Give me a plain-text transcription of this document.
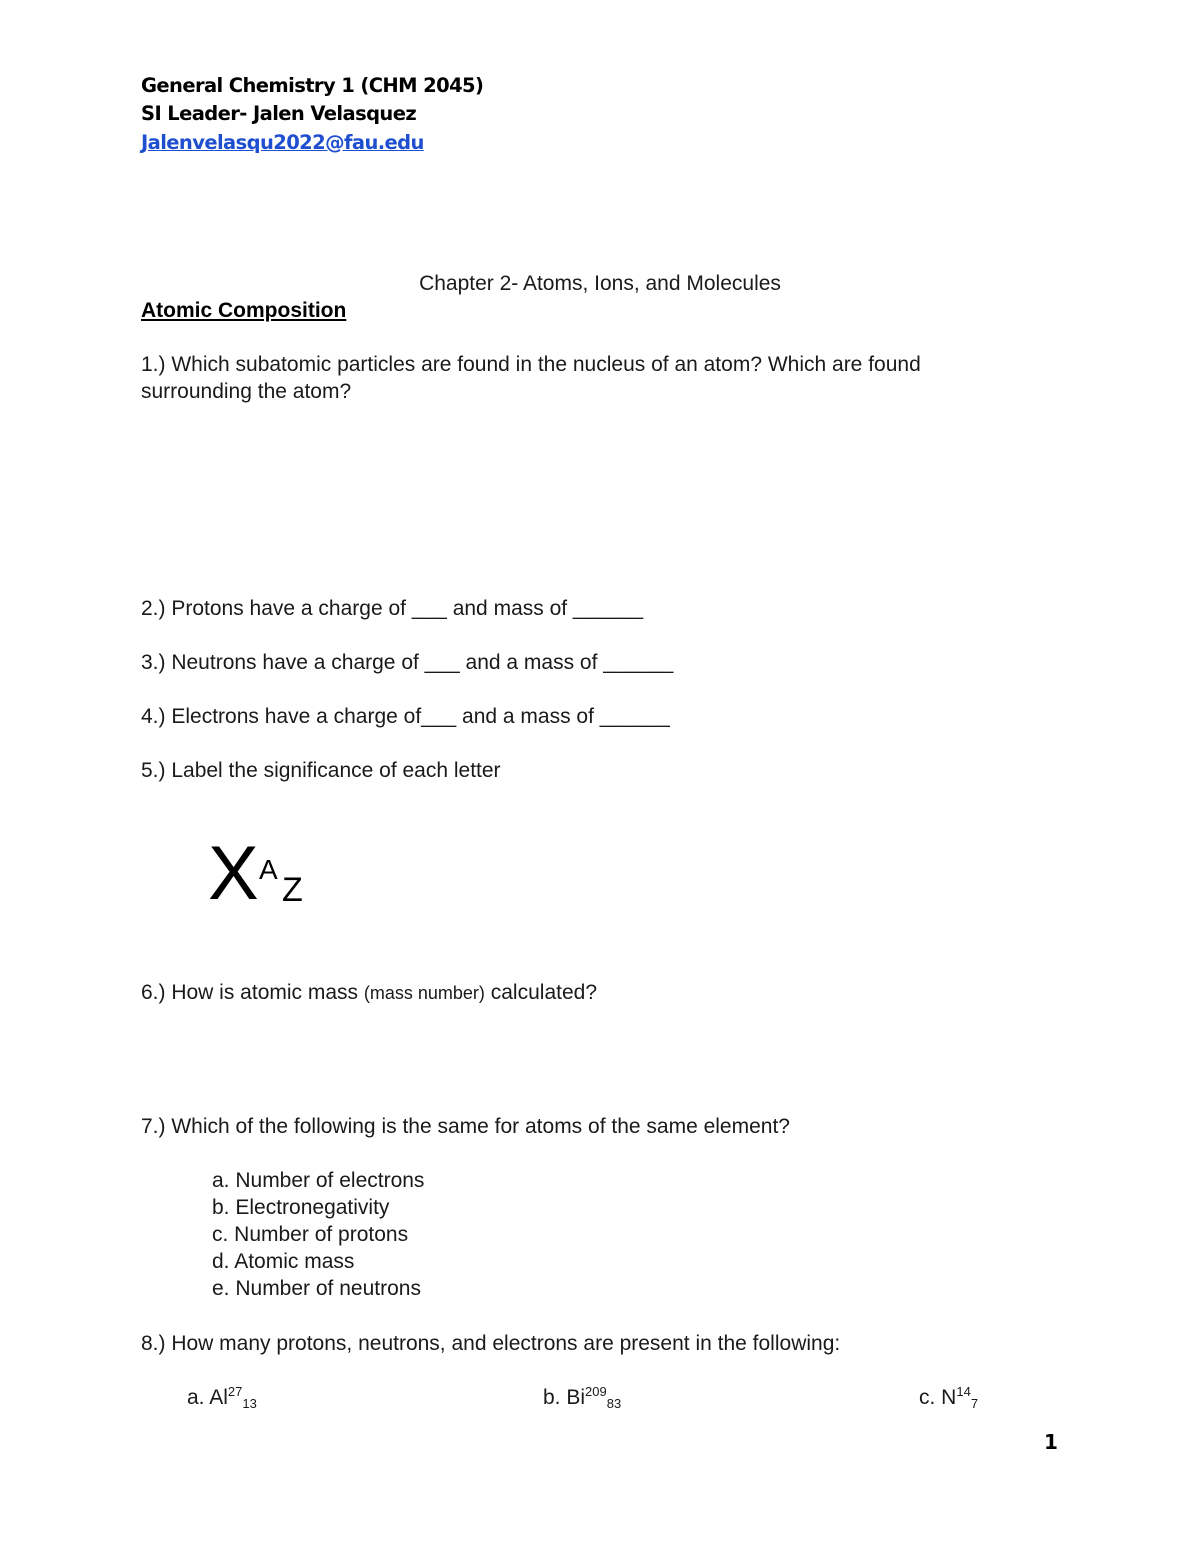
General Chemistry 1 (CHM 2045)
SI Leader- Jalen Velasquez
Jalenvelasqu2022@fau.edu
Chapter 2- Atoms, Ions, and Molecules
Atomic Composition
1.) Which subatomic particles are found in the nucleus of an atom? Which are found
surrounding the atom?
2.) Protons have a charge of ___ and mass of ______
3.) Neutrons have a charge of ___ and a mass of ______
4.) Electrons have a charge of___ and a mass of ______
5.) Label the significance of each letter
X A
Z
6.) How is atomic mass (mass number) calculated?
7.) Which of the following is the same for atoms of the same element?
a. Number of electrons
b. Electronegativity
c. Number of protons
d. Atomic mass
e. Number of neutrons
8.) How many protons, neutrons, and electrons are present in the following:
a. $Al^{27}_{13}$	b. $Bi^{209}_{83}$	c. $N^{14}_7$
1
